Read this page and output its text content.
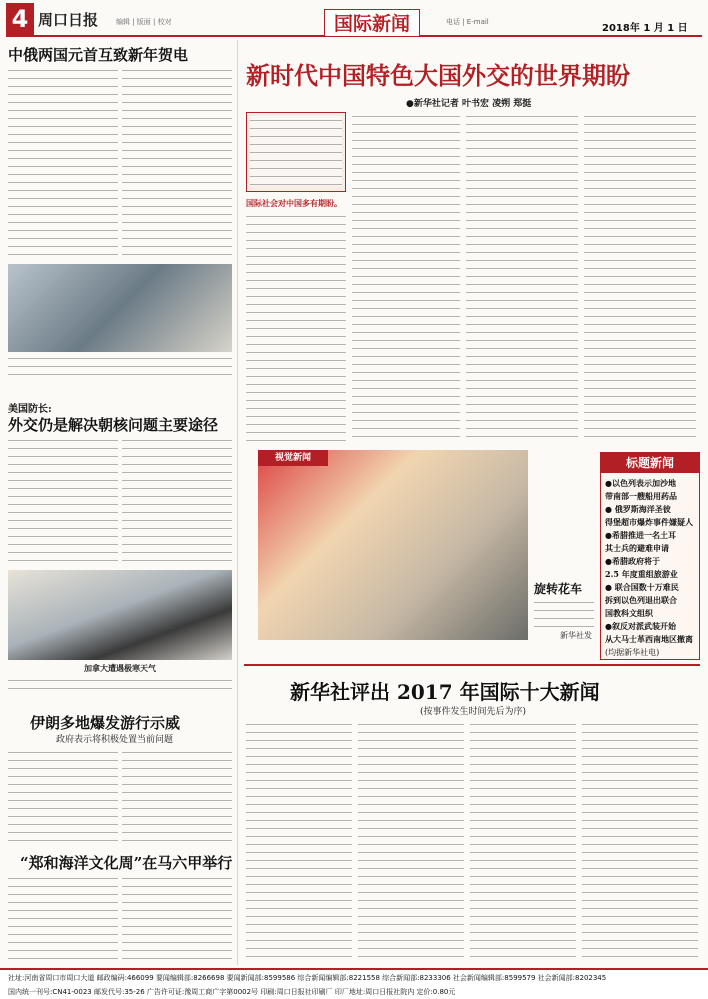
4 周口日报	编辑 | 版面 | 校对	国际新闻	电话 | E-mail
2018年 1 月 1 日
中俄两国元首互致新年贺电
美国防长:
外交仍是解决朝核问题主要途径
加拿大遭遇极寒天气
伊朗多地爆发游行示威
政府表示将积极处置当前问题
“郑和海洋文化周”在马六甲举行
新时代中国特色大国外交的世界期盼
●新华社记者 叶书宏 凌朔 郑挺
国际社会对中国多有期盼。
视觉新闻
旋转花车
新华社发
标题新闻
●以色列表示加沙地
带南部一艘船用药品
● 俄罗斯海洋圣彼
得堡超市爆炸事件嫌疑人
●希腊推进一名土耳
其士兵的避难申请
●希腊政府将于
2.5 年度重组旅游业
● 联合国数十万难民
拆到以色列退出联合
国教科文组织
●叙反对派武装开始
从大马士革西南地区撤离
(均据新华社电)
新华社评出 2017 年国际十大新闻
(按事件发生时间先后为序)
社址:河南省周口市周口大道 邮政编码:466099 要闻编辑部:8266698 要闻新闻部:8599586 综合新闻编辑部:8221558 综合新闻部:8233306 社会新闻编辑部:8599579 社会新闻部:8202345
国内统一刊号:CN41-0023 邮发代号:35-26 广告许可证:豫周工商广字第0002号 印刷:周口日报社印刷厂 印厂地址:周口日报社院内 定价:0.80元
